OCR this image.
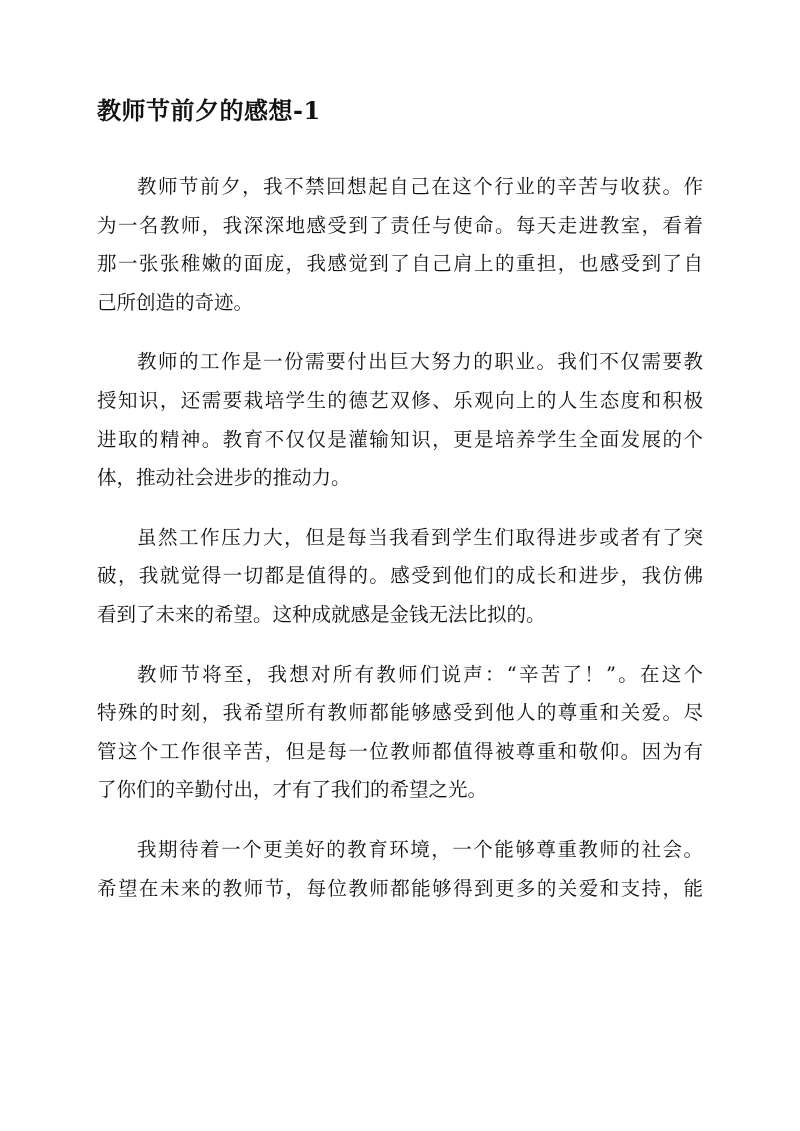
教师节前夕的感想-1

教师节前夕，我不禁回想起自己在这个行业的辛苦与收获。作
为一名教师，我深深地感受到了责任与使命。每天走进教室，看着
那一张张稚嫩的面庞，我感觉到了自己肩上的重担，也感受到了自
己所创造的奇迹。

教师的工作是一份需要付出巨大努力的职业。我们不仅需要教
授知识，还需要栽培学生的德艺双修、乐观向上的人生态度和积极
进取的精神。教育不仅仅是灌输知识，更是培养学生全面发展的个
体，推动社会进步的推动力。

虽然工作压力大，但是每当我看到学生们取得进步或者有了突
破，我就觉得一切都是值得的。感受到他们的成长和进步，我仿佛
看到了未来的希望。这种成就感是金钱无法比拟的。

教师节将至，我想对所有教师们说声：“辛苦了！”。在这个
特殊的时刻，我希望所有教师都能够感受到他人的尊重和关爱。尽
管这个工作很辛苦，但是每一位教师都值得被尊重和敬仰。因为有
了你们的辛勤付出，才有了我们的希望之光。

我期待着一个更美好的教育环境，一个能够尊重教师的社会。
希望在未来的教师节，每位教师都能够得到更多的关爱和支持，能
